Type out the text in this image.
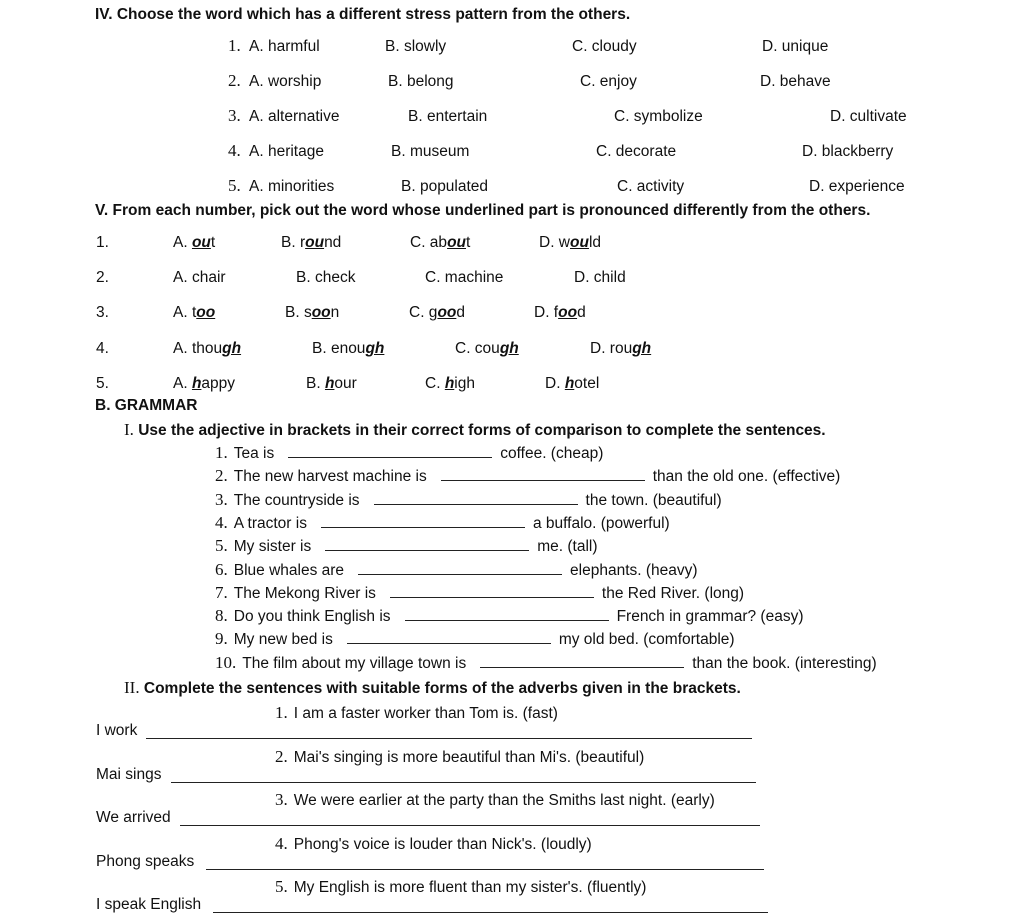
IV. Choose the word which has a different stress pattern from the others.
1. A. harmful	B. slowly	C. cloudy	D. unique
2. A. worship	B. belong	C. enjoy	D. behave
3. A. alternative	B. entertain	C. symbolize	D. cultivate
4. A. heritage	B. museum	C. decorate	D. blackberry
5. A. minorities	B. populated	C. activity	D. experience
V. From each number, pick out the word whose underlined part is pronounced differently from the others.
1.	A. out	B. round	C. about	D. would
2.	A. chair	B. check	C. machine	D. child
3.	A. too	B. soon	C. good	D. food
4.	A. though	B. enough	C. cough	D. rough
5.	A. happy	B. hour	C. high	D. hotel
B. GRAMMAR
I. Use the adjective in brackets in their correct forms of comparison to complete the sentences.
1. Tea is	coffee. (cheap)
2. The new harvest machine is	than the old one. (effective)
3. The countryside is	the town. (beautiful)
4. A tractor is	a buffalo. (powerful)
5. My sister is	me. (tall)
6. Blue whales are	elephants. (heavy)
7. The Mekong River is	the Red River. (long)
8. Do you think English is	French in grammar? (easy)
9. My new bed is	my old bed. (comfortable)
10. The film about my village town is	than the book. (interesting)
II. Complete the sentences with suitable forms of the adverbs given in the brackets.
1. I am a faster worker than Tom is. (fast)
I work
2. Mai's singing is more beautiful than Mi's. (beautiful)
Mai sings
3. We were earlier at the party than the Smiths last night. (early)
We arrived
4. Phong's voice is louder than Nick's. (loudly)
Phong speaks
5. My English is more fluent than my sister's. (fluently)
I speak English
